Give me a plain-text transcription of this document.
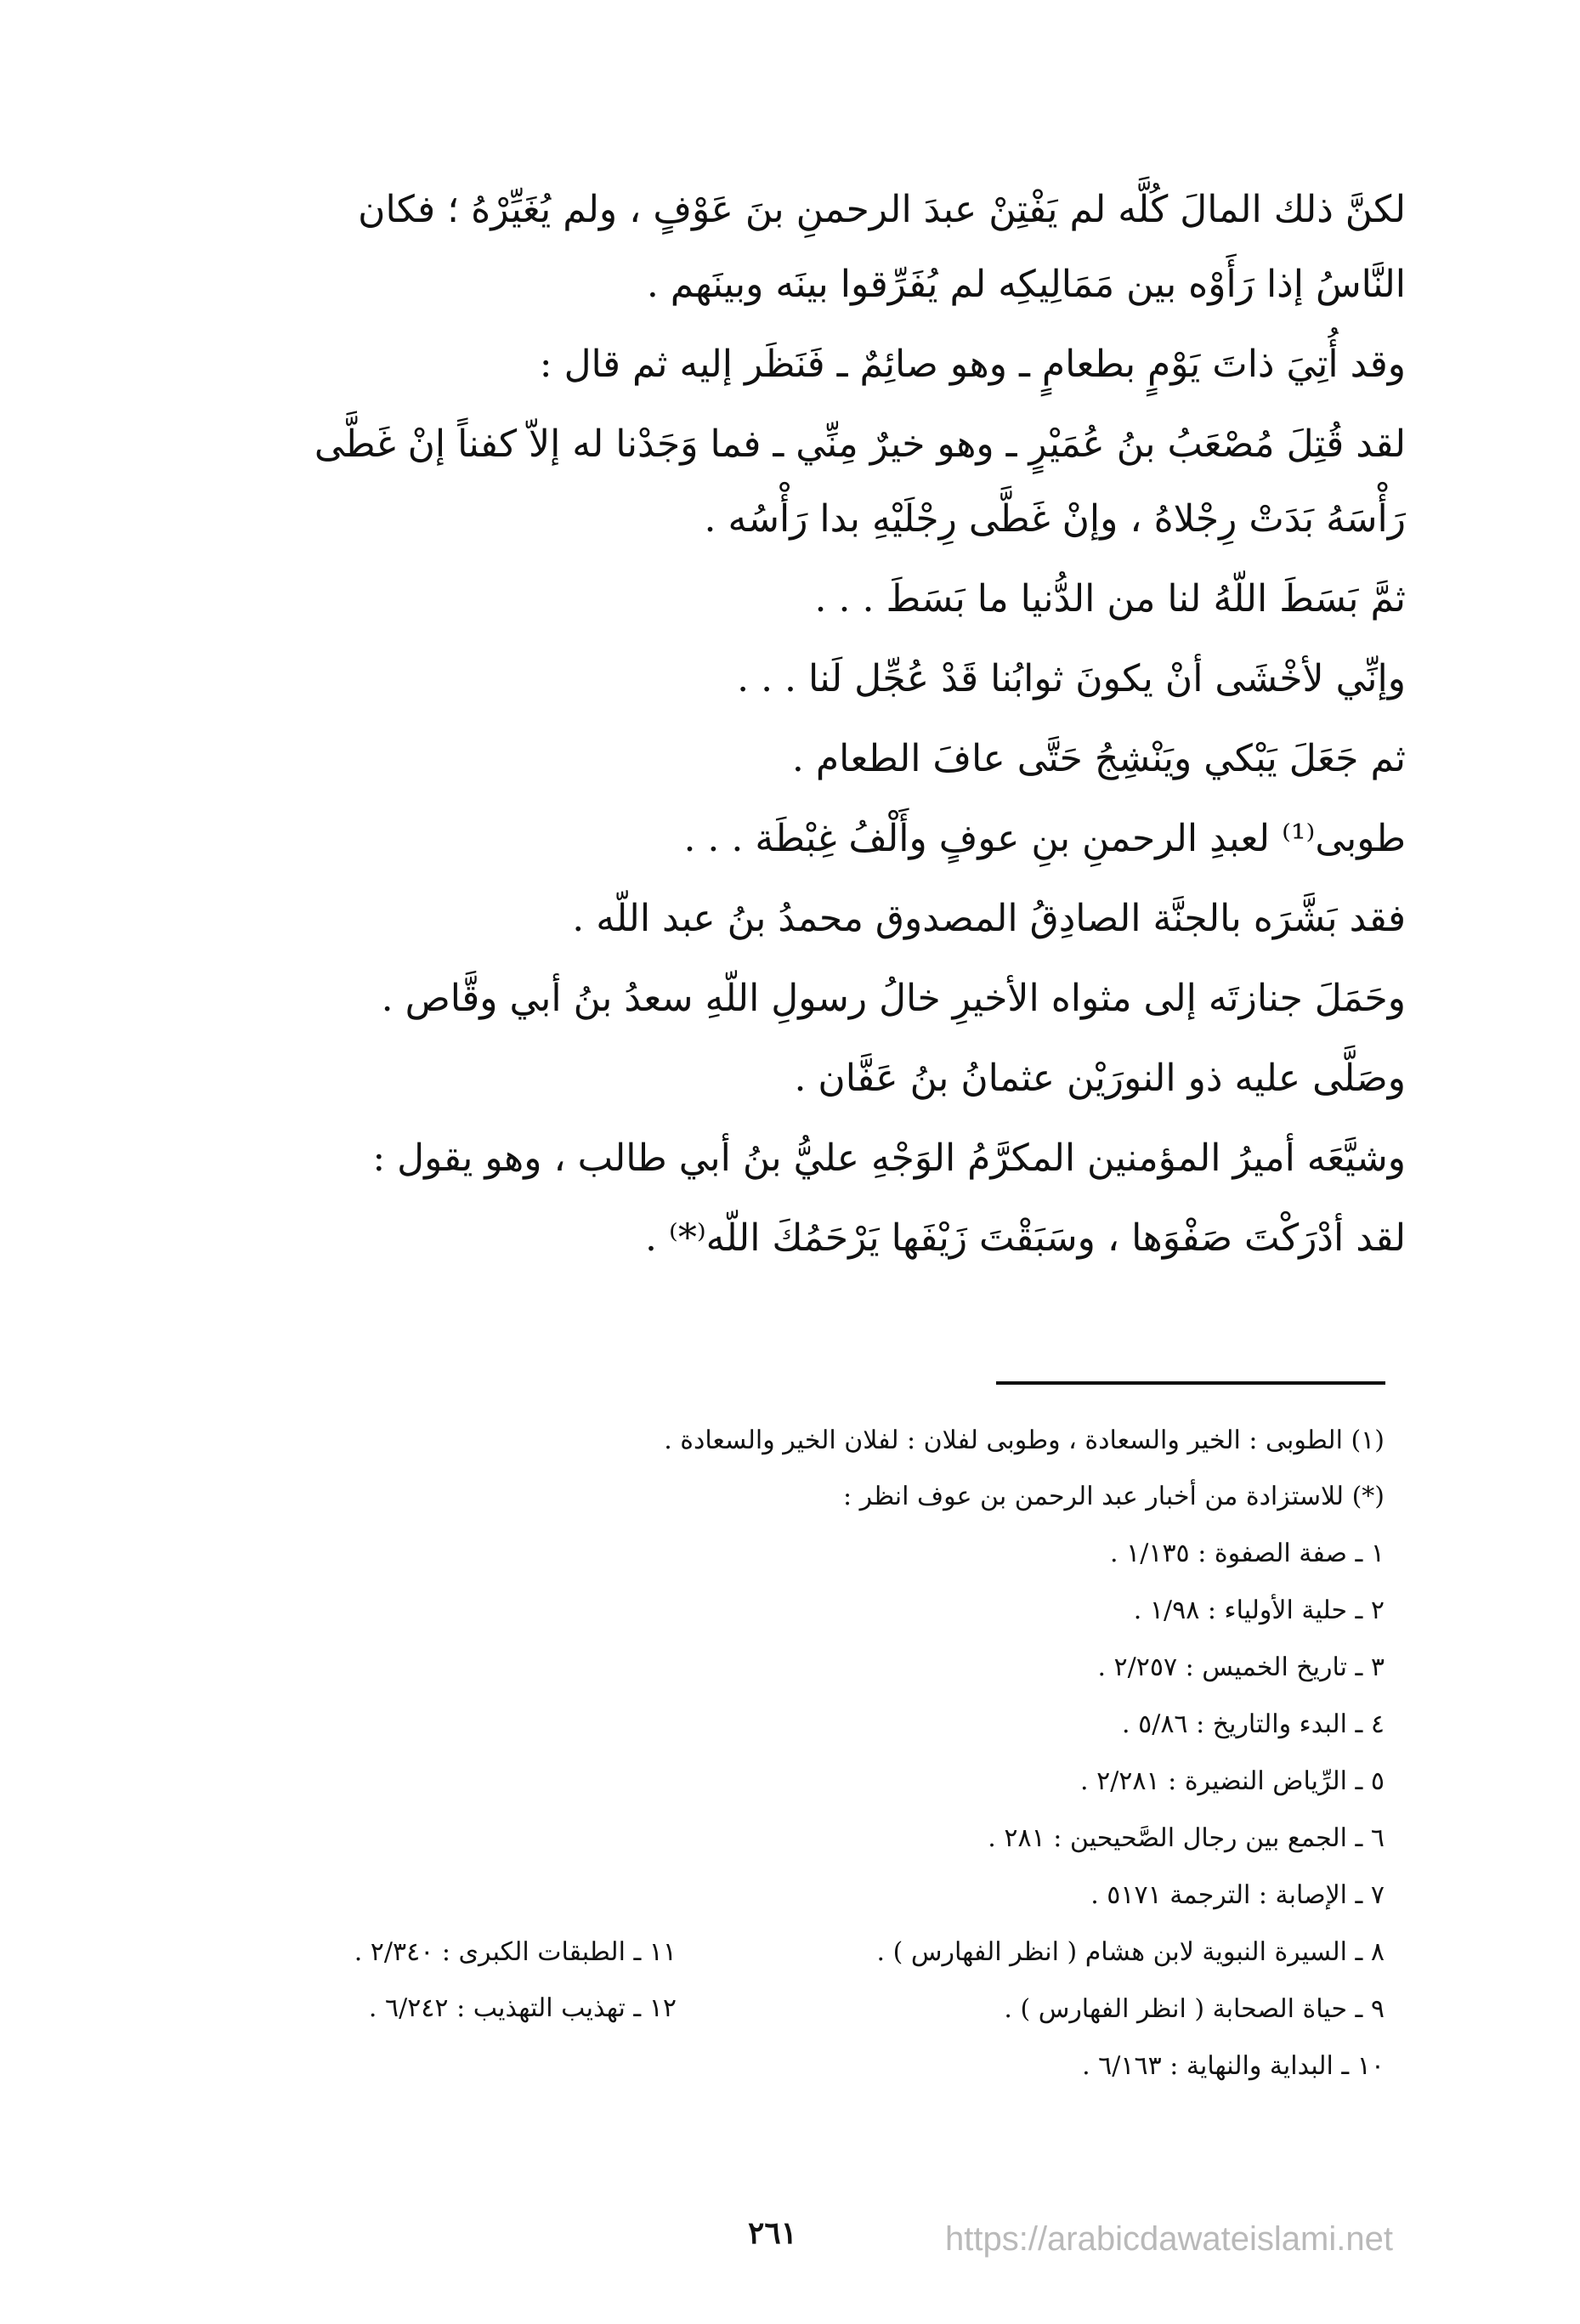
لكنَّ ذلك المالَ كُلَّه لم يَفْتِنْ عبدَ الرحمنِ بنَ عَوْفٍ ، ولم يُغَيِّرْهُ ؛ فكان
النَّاسُ إذا رَأَوْه بين مَمَالِيكِه لم يُفَرِّقوا بينَه وبينَهم .
وقد أُتِيَ ذاتَ يَوْمٍ بطعامٍ ـ وهو صائِمٌ ـ فَنَظَر إليه ثم قال :
لقد قُتِلَ مُصْعَبُ بنُ عُمَيْرٍ ـ وهو خيرٌ مِنِّي ـ فما وَجَدْنا له إلاّ كفناً إنْ غَطَّى
رَأْسَهُ بَدَتْ رِجْلاهُ ، وإنْ غَطَّى رِجْلَيْهِ بدا رَأْسُه .
ثمَّ بَسَطَ اللّهُ لنا من الدُّنيا ما بَسَطَ . . .
وإنِّي لأخْشَى أنْ يكونَ ثوابُنا قَدْ عُجِّل لَنا . . .
ثم جَعَلَ يَبْكي ويَنْشِجُ حَتَّى عافَ الطعام .
طوبى⁽¹⁾ لعبدِ الرحمنِ بنِ عوفٍ وأَلْفُ غِبْطَة . . .
فقد بَشَّرَه بالجنَّة الصادِقُ المصدوق محمدُ بنُ عبد اللّه .
وحَمَلَ جنازتَه إلى مثواه الأخيرِ خالُ رسولِ اللّهِ سعدُ بنُ أبي وقَّاص .
وصَلَّى عليه ذو النورَيْن عثمانُ بنُ عَفَّان .
وشيَّعَه أميرُ المؤمنين المكرَّمُ الوَجْهِ عليُّ بنُ أبي طالب ، وهو يقول :
لقد أدْرَكْتَ صَفْوَها ، وسَبَقْتَ زَيْفَها يَرْحَمُكَ اللّه⁽*⁾ .
(١) الطوبى : الخير والسعادة ، وطوبى لفلان : لفلان الخير والسعادة .
(*) للاستزادة من أخبار عبد الرحمن بن عوف انظر :
١ ـ صفة الصفوة : ١/١٣٥ .
٢ ـ حلية الأولياء : ١/٩٨ .
٣ ـ تاريخ الخميس : ٢/٢٥٧ .
٤ ـ البدء والتاريخ : ٥/٨٦ .
٥ ـ الرِّياض النضيرة : ٢/٢٨١ .
٦ ـ الجمع بين رجال الصَّحيحين : ٢٨١ .
٧ ـ الإصابة : الترجمة ٥١٧١ .
٨ ـ السيرة النبوية لابن هشام ( انظر الفهارس ) .
٩ ـ حياة الصحابة ( انظر الفهارس ) .
١٠ ـ البداية والنهاية : ٦/١٦٣ .
١١ ـ الطبقات الكبرى : ٢/٣٤٠ .
١٢ ـ تهذيب التهذيب : ٦/٢٤٢ .
٢٦١	https://arabicdawateislami.net
